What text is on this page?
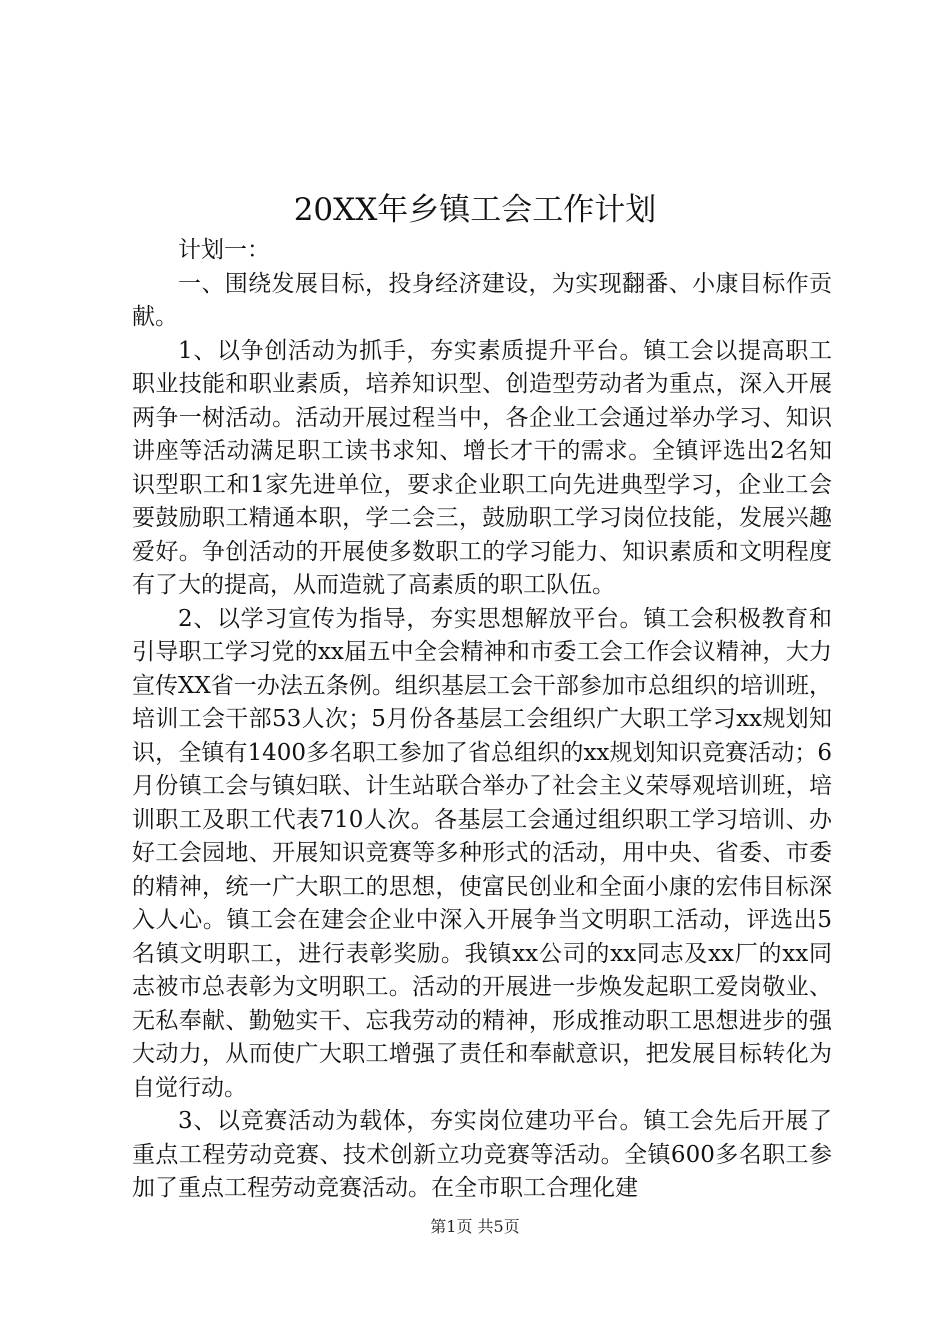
20XX年乡镇工会工作计划

计划一：

一、围绕发展目标，投身经济建设，为实现翻番、小康目标作贡献。

1、以争创活动为抓手，夯实素质提升平台。镇工会以提高职工职业技能和职业素质，培养知识型、创造型劳动者为重点，深入开展两争一树活动。活动开展过程当中，各企业工会通过举办学习、知识讲座等活动满足职工读书求知、增长才干的需求。全镇评选出2名知识型职工和1家先进单位，要求企业职工向先进典型学习，企业工会要鼓励职工精通本职，学二会三，鼓励职工学习岗位技能，发展兴趣爱好。争创活动的开展使多数职工的学习能力、知识素质和文明程度有了大的提高，从而造就了高素质的职工队伍。

2、以学习宣传为指导，夯实思想解放平台。镇工会积极教育和引导职工学习党的xx届五中全会精神和市委工会工作会议精神，大力宣传XX省一办法五条例。组织基层工会干部参加市总组织的培训班，培训工会干部53人次；5月份各基层工会组织广大职工学习xx规划知识，全镇有1400多名职工参加了省总组织的xx规划知识竞赛活动；6月份镇工会与镇妇联、计生站联合举办了社会主义荣辱观培训班，培训职工及职工代表710人次。各基层工会通过组织职工学习培训、办好工会园地、开展知识竞赛等多种形式的活动，用中央、省委、市委的精神，统一广大职工的思想，使富民创业和全面小康的宏伟目标深入人心。镇工会在建会企业中深入开展争当文明职工活动，评选出5名镇文明职工，进行表彰奖励。我镇xx公司的xx同志及xx厂的xx同志被市总表彰为文明职工。活动的开展进一步焕发起职工爱岗敬业、无私奉献、勤勉实干、忘我劳动的精神，形成推动职工思想进步的强大动力，从而使广大职工增强了责任和奉献意识，把发展目标转化为自觉行动。

3、以竞赛活动为载体，夯实岗位建功平台。镇工会先后开展了重点工程劳动竞赛、技术创新立功竞赛等活动。全镇600多名职工参加了重点工程劳动竞赛活动。在全市职工合理化建

第1页 共5页
